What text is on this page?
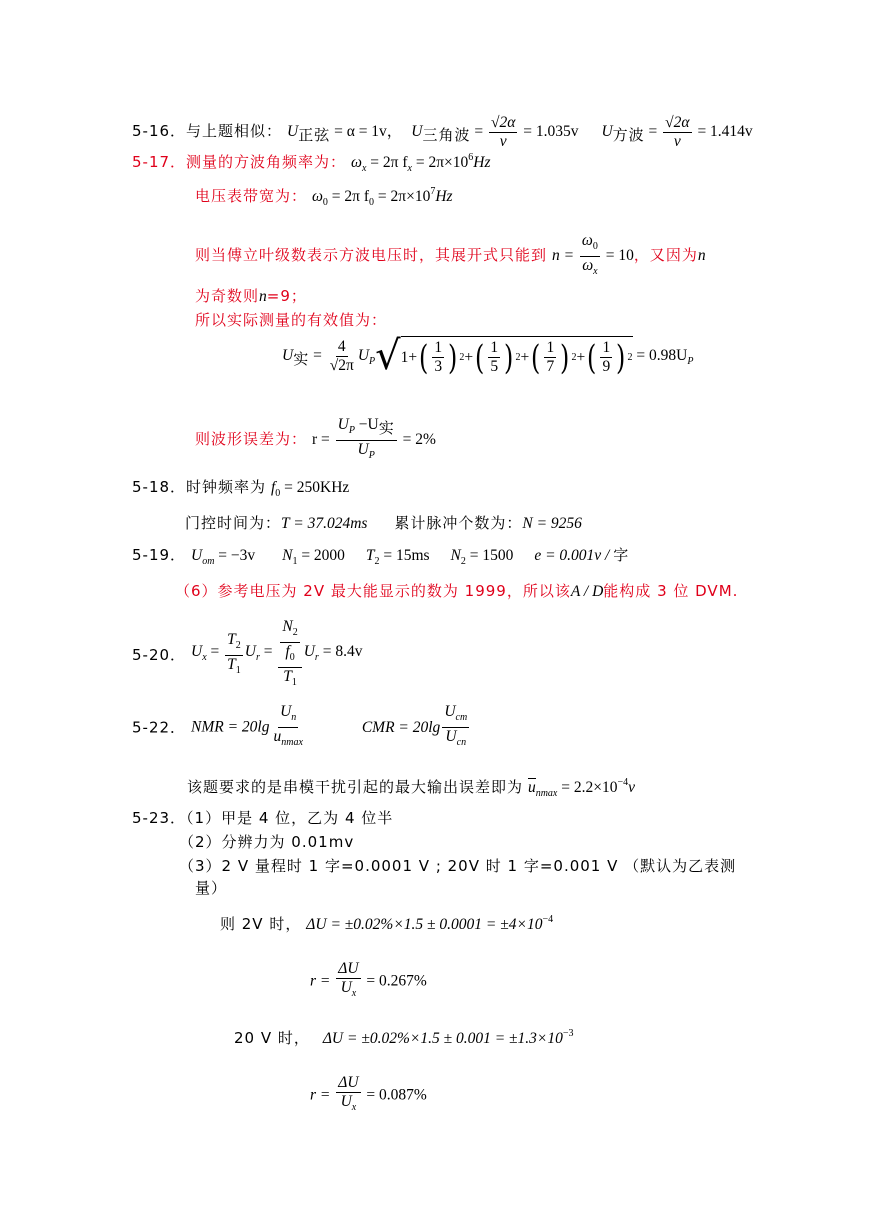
5-16．与上题相似： U正弦 = α = 1v， U三角波 = $\frac{√2\alpha}{\nu} = 1.035v$ U方波 = $\frac{√2\alpha}{\nu} = 1.414v$
5-17．测量的方波角频率为： $\omega_x = 2\pi$ $f_x = 2\pi\times 10^6Hz$
电压表带宽为： $\omega_0 = 2\pi$ $f_0 = 2\pi\times 10^7Hz$
则当傅立叶级数表示方波电压时，其展开式只能到 $n = \frac{\omega_0}{\omega_x} = 10$，又因为n
为奇数则n=9；
所以实际测量的有效值为：
U实 = $\frac{4}{√2\pi} U_P$ √ 1+ ( $\frac{1}{3}$ ) 2 + ( $\frac{1}{5}$ ) 2 + ( $\frac{1}{7}$ ) 2 + ( $\frac{1}{9}$ ) $2 = 0.98U_P$
则波形误差为： $r = \frac{U_P -U实}{U_P} = 2\%$
5-18．时钟频率为 $f_0 = 250KHz$
门控时间为：T = 37.024ms 累计脉冲个数为：N = 9256
5-19． $U_{om} = -3v$ $N_1 = 2000$ $T_2 = 15ms$ $N_2 = 1500$ e = 0.001v / 字
（6）参考电压为 2V 最大能显示的数为 1999，所以该A / D能构成 3 位 DVM.
5-20． $U_x = \frac{T_2}{T_1} U_r = \frac{\frac{N_2}{f_0}}{T_1} U_r = 8.4v$
5-22． NMR = $20\lg \frac{U_n}{u_{nmax}}$	CMR = $20\lg \frac{U_{cm}}{U_{cn}}$
该题要求的是串模干扰引起的最大输出误差即为 $u_{nmax} = 2.2\times 10^{-4}v$
5-23．（1）甲是 4 位，乙为 4 位半
（2）分辨力为 0.01mv
（3）2 V 量程时 1 字=0.0001 V ; 20V 时 1 字=0.001 V （默认为乙表测
量）
则 2V 时， $\Delta U = \pm 0.02\%\times 1.5 \pm 0.0001 = \pm 4\times 10^{-4}$
$r = \frac{\Delta U}{U_x} = 0.267\%$
20 V 时， $\Delta U = \pm 0.02\%\times 1.5 \pm 0.001 = \pm 1.3\times 10^{-3}$
$r = \frac{\Delta U}{U_x} = 0.087\%$
